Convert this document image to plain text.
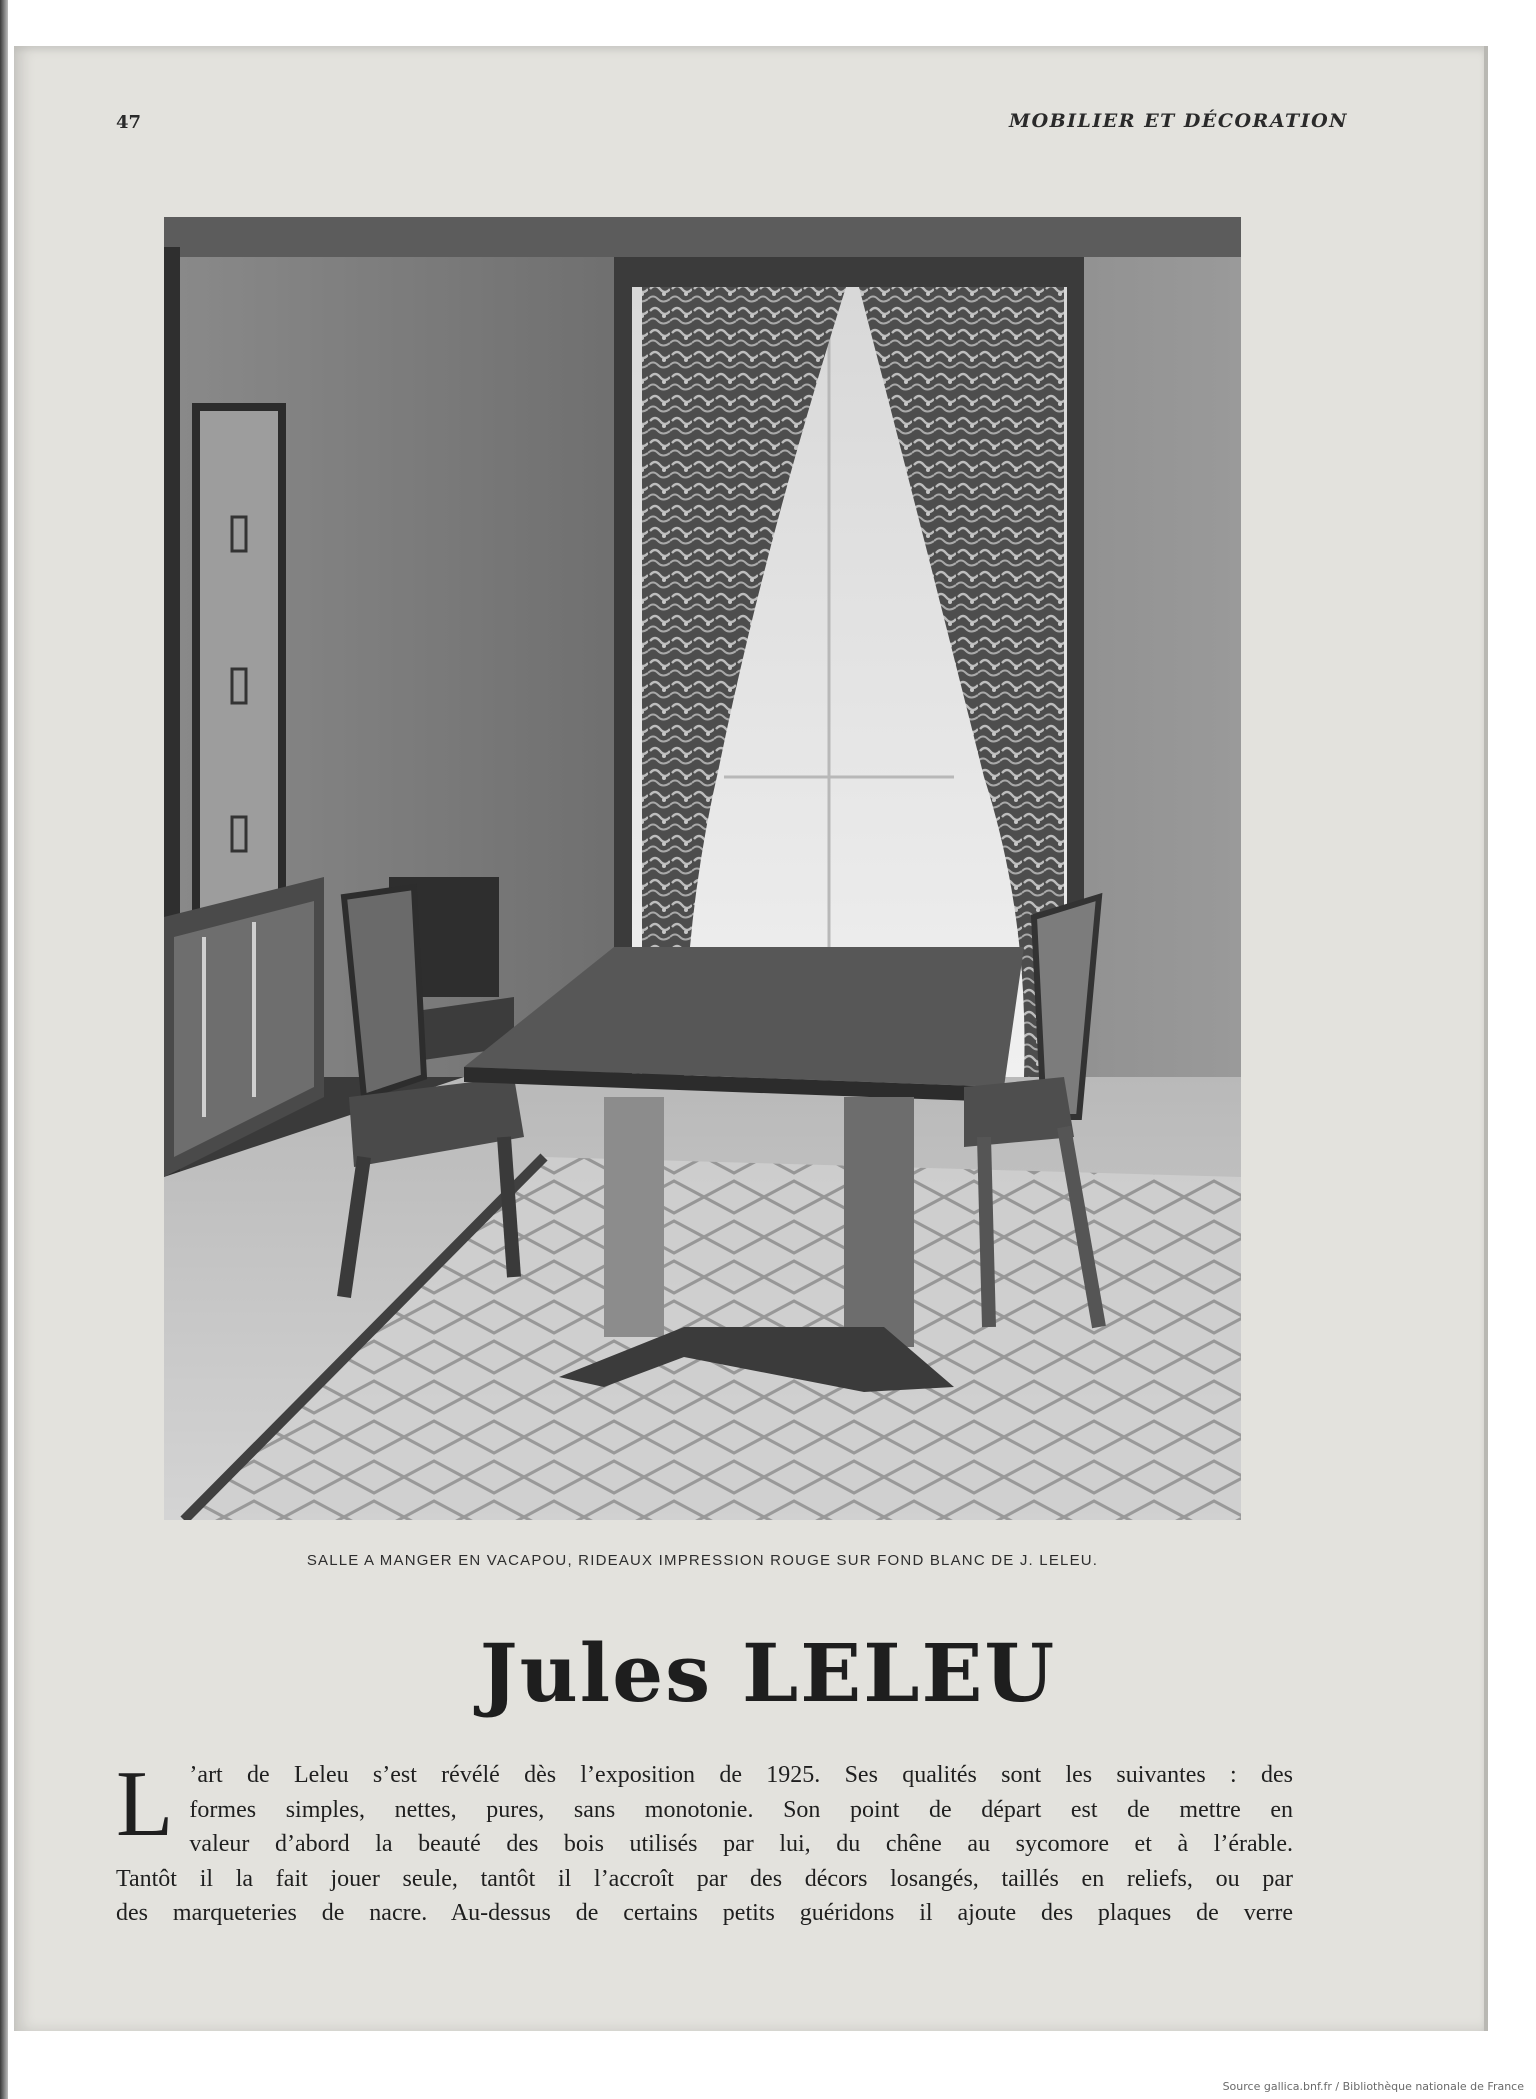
47	MOBILIER ET DÉCORATION
SALLE A MANGER EN VACAPOU, RIDEAUX IMPRESSION ROUGE SUR FOND BLANC DE J. LELEU.
Jules LELEU
L ’art de Leleu s’est révélé dès l’exposition de 1925. Ses qualités sont les suivantes : des
formes simples, nettes, pures, sans monotonie. Son point de départ est de mettre en
valeur d’abord la beauté des bois utilisés par lui, du chêne au sycomore et à l’érable.
Tantôt il la fait jouer seule, tantôt il l’accroît par des décors losangés, taillés en reliefs, ou par
des marqueteries de nacre. Au-dessus de certains petits guéridons il ajoute des plaques de verre
Source gallica.bnf.fr / Bibliothèque nationale de France
